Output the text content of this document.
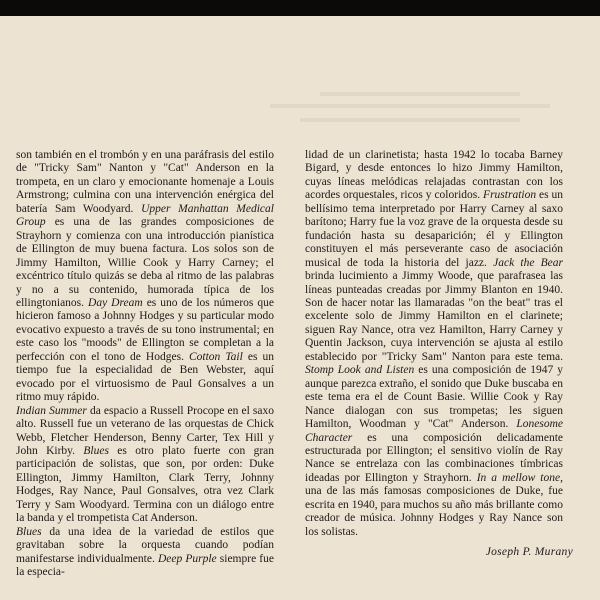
son también en el trombón y en una paráfrasis del estilo de "Tricky Sam" Nanton y "Cat" Anderson en la trompeta, en un claro y emocionante homenaje a Louis Armstrong; culmina con una intervención enérgica del batería Sam Woodyard. Upper Manhattan Medical Group es una de las grandes composiciones de Strayhorn y comienza con una introducción pianística de Ellington de muy buena factura. Los solos son de Jimmy Hamilton, Willie Cook y Harry Carney; el excéntrico título quizás se deba al ritmo de las palabras y no a su contenido, humorada típica de los ellingtonianos. Day Dream es uno de los números que hicieron famoso a Johnny Hodges y su particular modo evocativo expuesto a través de su tono instrumental; en este caso los "moods" de Ellington se completan a la perfección con el tono de Hodges. Cotton Tail es un tiempo fue la especialidad de Ben Webster, aquí evocado por el virtuosismo de Paul Gonsalves a un ritmo muy rápido.

Indian Summer da espacio a Russell Procope en el saxo alto. Russell fue un veterano de las orquestas de Chick Webb, Fletcher Henderson, Benny Carter, Tex Hill y John Kirby. Blues es otro plato fuerte con gran participación de solistas, que son, por orden: Duke Ellington, Jimmy Hamilton, Clark Terry, Johnny Hodges, Ray Nance, Paul Gonsalves, otra vez Clark Terry y Sam Woodyard. Termina con un diálogo entre la banda y el trompetista Cat Anderson.

Blues da una idea de la variedad de estilos que gravitaban sobre la orquesta cuando podían manifestarse individualmente. Deep Purple siempre fue la especia-

lidad de un clarinetista; hasta 1942 lo tocaba Barney Bigard, y desde entonces lo hizo Jimmy Hamilton, cuyas líneas melódicas relajadas contrastan con los acordes orquestales, ricos y coloridos. Frustration es un bellísimo tema interpretado por Harry Carney al saxo barítono; Harry fue la voz grave de la orquesta desde su fundación hasta su desaparición; él y Ellington constituyen el más perseverante caso de asociación musical de toda la historia del jazz. Jack the Bear brinda lucimiento a Jimmy Woode, que parafrasea las líneas punteadas creadas por Jimmy Blanton en 1940. Son de hacer notar las llamaradas "on the beat" tras el excelente solo de Jimmy Hamilton en el clarinete; siguen Ray Nance, otra vez Hamilton, Harry Carney y Quentin Jackson, cuya intervención se ajusta al estilo establecido por "Tricky Sam" Nanton para este tema. Stomp Look and Listen es una composición de 1947 y aunque parezca extraño, el sonido que Duke buscaba en este tema era el de Count Basie. Willie Cook y Ray Nance dialogan con sus trompetas; les siguen Hamilton, Woodman y "Cat" Anderson. Lonesome Character es una composición delicadamente estructurada por Ellington; el sensitivo violín de Ray Nance se entrelaza con las combinaciones tímbricas ideadas por Ellington y Strayhorn. In a mellow tone, una de las más famosas composiciones de Duke, fue escrita en 1940, para muchos su año más brillante como creador de música. Johnny Hodges y Ray Nance son los solistas.

Joseph P. Murany
